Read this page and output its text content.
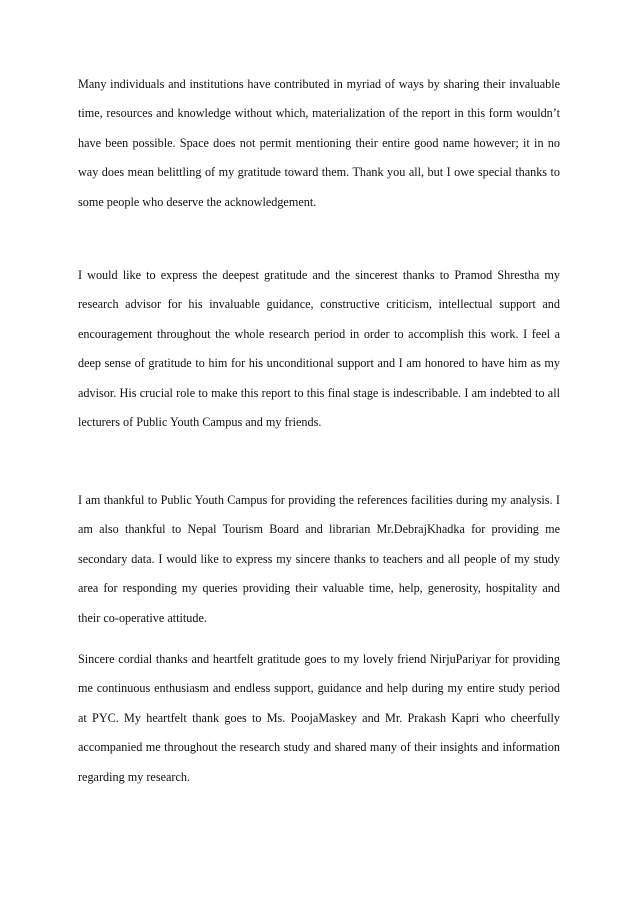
Many individuals and institutions have contributed in myriad of ways by sharing their invaluable time, resources and knowledge without which, materialization of the report in this form wouldn’t have been possible. Space does not permit mentioning their entire good name however; it in no way does mean belittling of my gratitude toward them. Thank you all, but I owe special thanks to some people who deserve the acknowledgement.

I would like to express the deepest gratitude and the sincerest thanks to Pramod Shrestha my research advisor for his invaluable guidance, constructive criticism, intellectual support and encouragement throughout the whole research period in order to accomplish this work. I feel a deep sense of gratitude to him for his unconditional support and I am honored to have him as my advisor. His crucial role to make this report to this final stage is indescribable. I am indebted to all lecturers of Public Youth Campus and my friends.

I am thankful to Public Youth Campus for providing the references facilities during my analysis. I am also thankful to Nepal Tourism Board and librarian Mr.DebrajKhadka for providing me secondary data. I would like to express my sincere thanks to teachers and all people of my study area for responding my queries providing their valuable time, help, generosity, hospitality and their co-operative attitude.

Sincere cordial thanks and heartfelt gratitude goes to my lovely friend NirjuPariyar for providing me continuous enthusiasm and endless support, guidance and help during my entire study period at PYC. My heartfelt thank goes to Ms. PoojaMaskey and Mr. Prakash Kapri who cheerfully accompanied me throughout the research study and shared many of their insights and information regarding my research.
